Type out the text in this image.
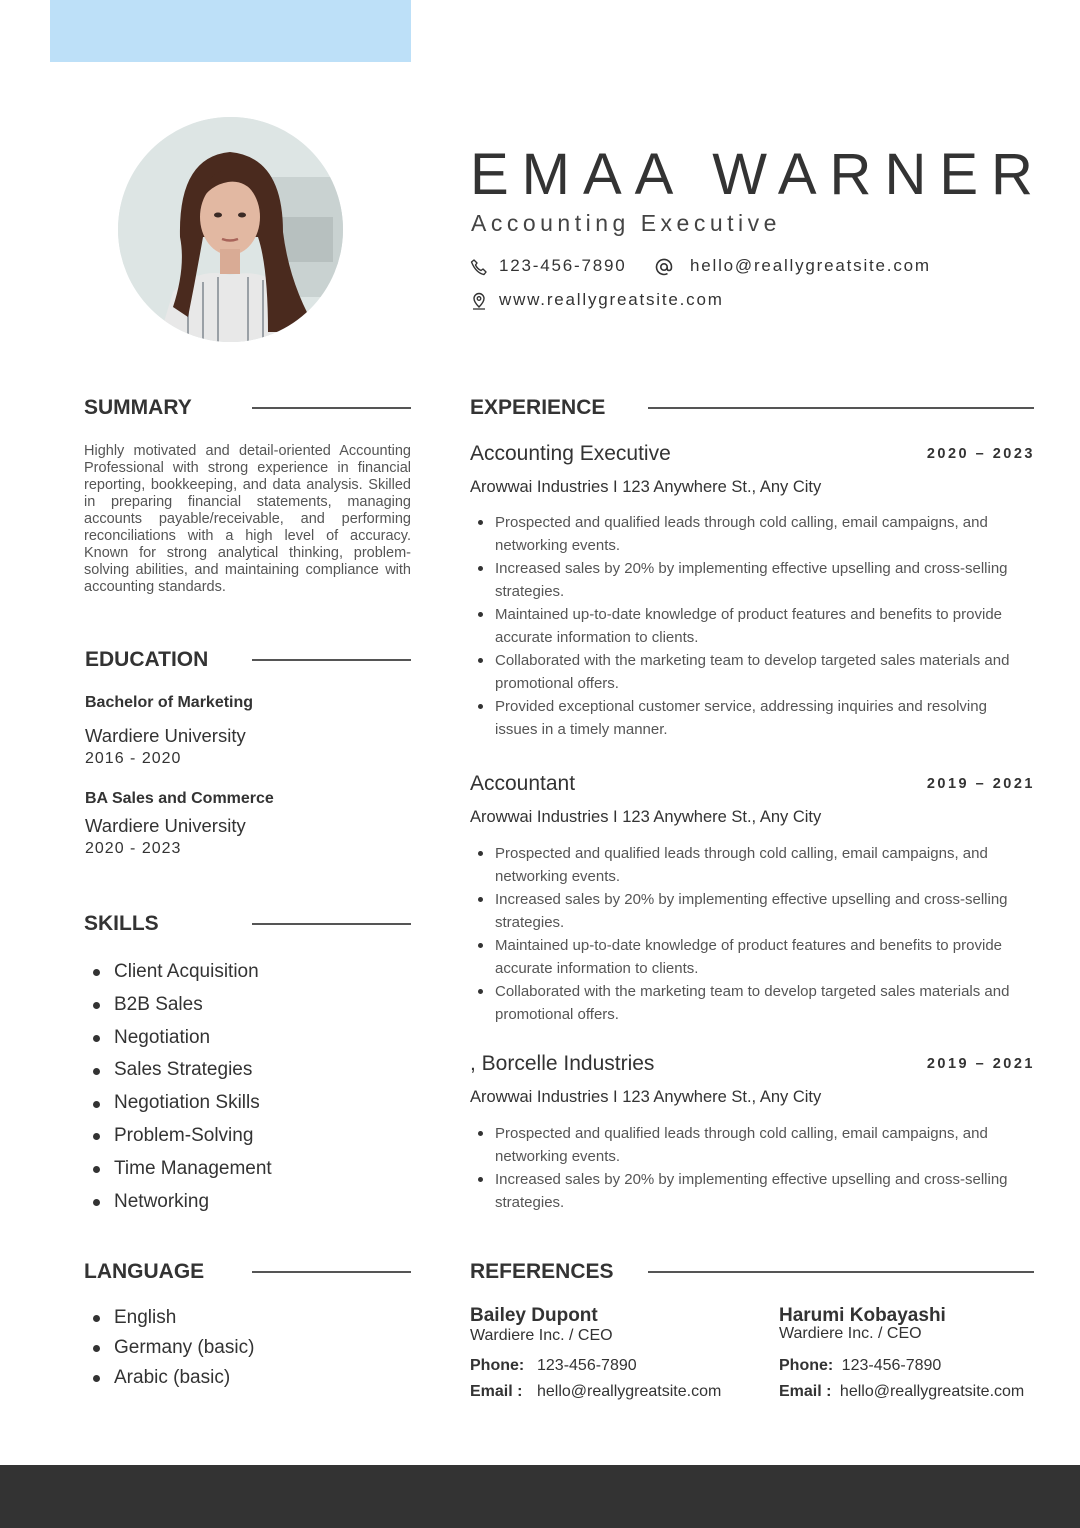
EMAA WARNER
Accounting Executive
123-456-7890	hello@reallygreatsite.com
www.reallygreatsite.com
SUMMARY
Highly motivated and detail-oriented Accounting Professional with strong experience in financial reporting, bookkeeping, and data analysis. Skilled in preparing financial statements, managing accounts payable/receivable, and performing reconciliations with a high level of accuracy. Known for strong analytical thinking, problem-solving abilities, and maintaining compliance with accounting standards.
EDUCATION
Bachelor of Marketing
Wardiere University
2016 - 2020
BA Sales and Commerce
Wardiere University
2020 - 2023
SKILLS
Client Acquisition
B2B Sales
Negotiation
Sales Strategies
Negotiation Skills
Problem-Solving
Time Management
Networking
LANGUAGE
English
Germany (basic)
Arabic (basic)
EXPERIENCE
Accounting Executive	2020 – 2023
Arowwai Industries I 123 Anywhere St., Any City
Prospected and qualified leads through cold calling, email campaigns, and networking events.
Increased sales by 20% by implementing effective upselling and cross-selling strategies.
Maintained up-to-date knowledge of product features and benefits to provide accurate information to clients.
Collaborated with the marketing team to develop targeted sales materials and promotional offers.
Provided exceptional customer service, addressing inquiries and resolving issues in a timely manner.
Accountant	2019 – 2021
Arowwai Industries I 123 Anywhere St., Any City
Prospected and qualified leads through cold calling, email campaigns, and networking events.
Increased sales by 20% by implementing effective upselling and cross-selling strategies.
Maintained up-to-date knowledge of product features and benefits to provide accurate information to clients.
Collaborated with the marketing team to develop targeted sales materials and promotional offers.
, Borcelle Industries	2019 – 2021
Arowwai Industries I 123 Anywhere St., Any City
Prospected and qualified leads through cold calling, email campaigns, and networking events.
Increased sales by 20% by implementing effective upselling and cross-selling strategies.
REFERENCES
Bailey Dupont
Wardiere Inc. / CEO
Phone: 123-456-7890
Email : hello@reallygreatsite.com
Harumi Kobayashi
Wardiere Inc. / CEO
Phone: 123-456-7890
Email : hello@reallygreatsite.com
